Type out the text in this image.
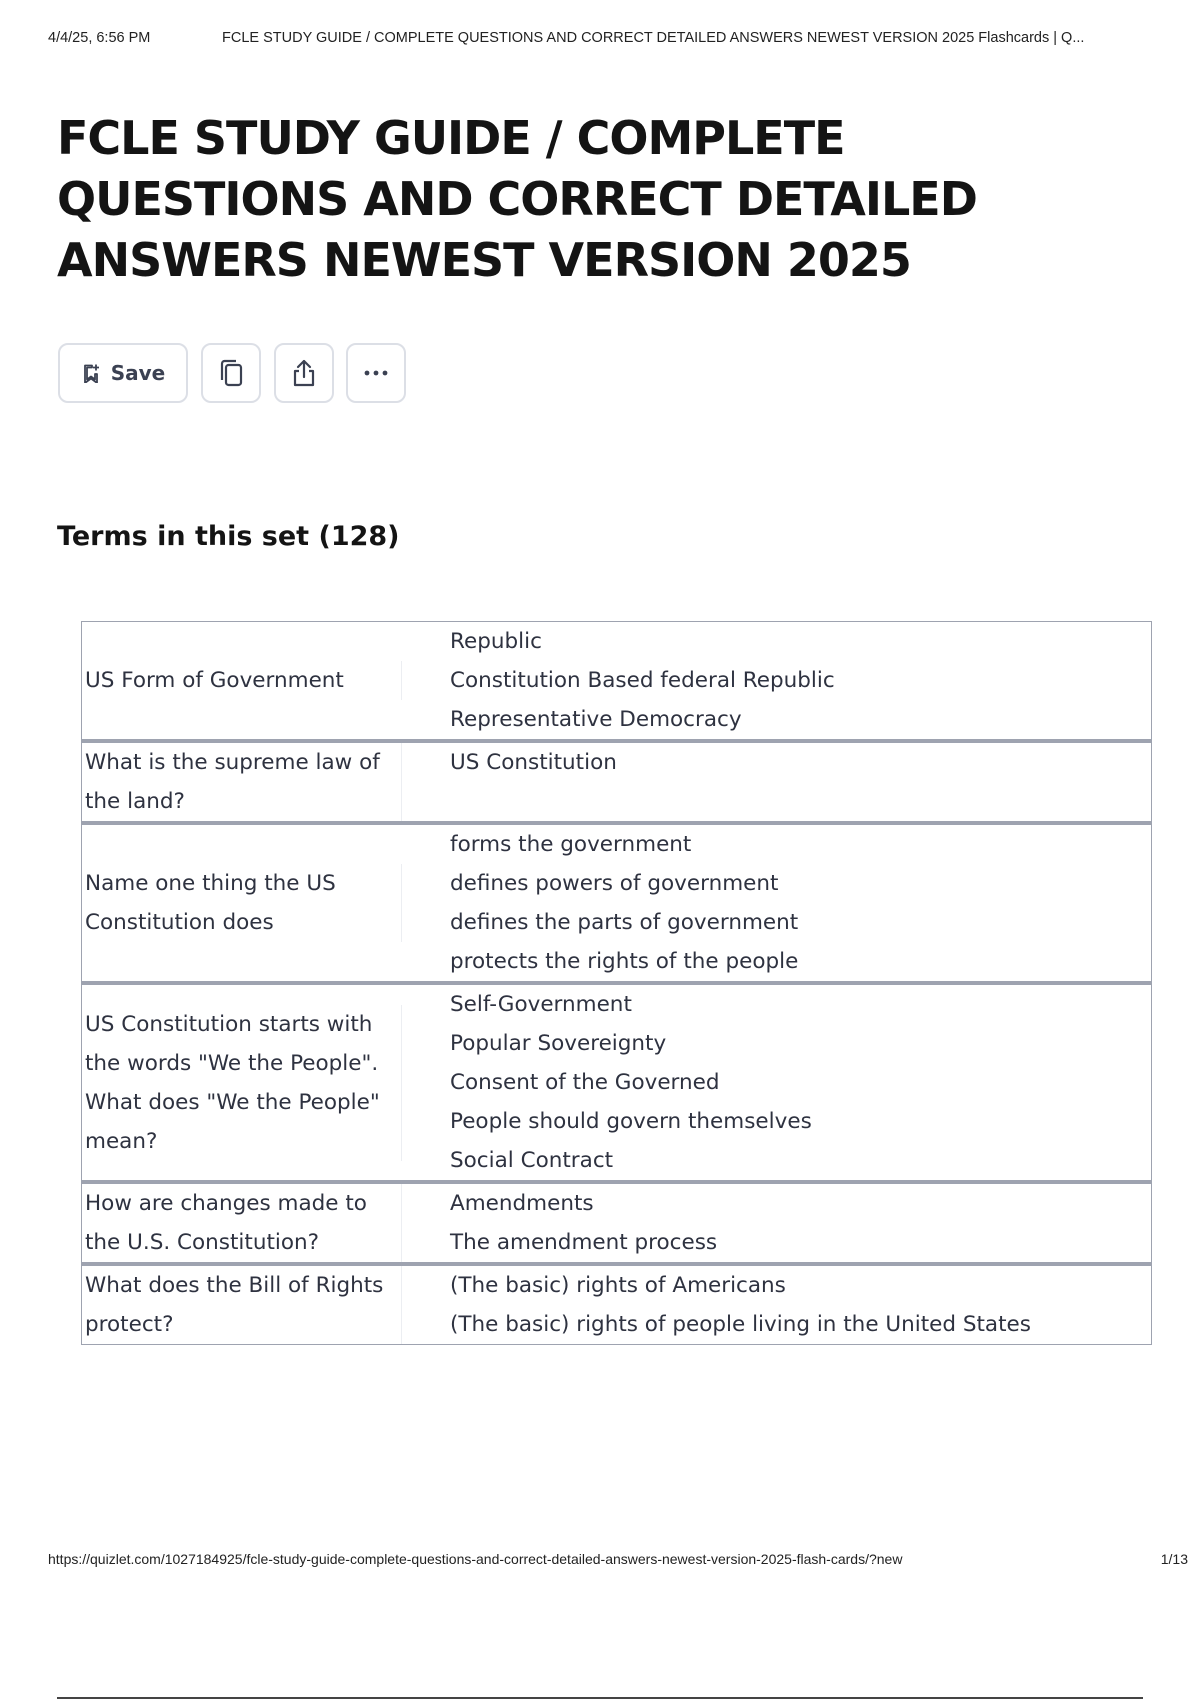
4/4/25, 6:56 PM	FCLE STUDY GUIDE / COMPLETE QUESTIONS AND CORRECT DETAILED ANSWERS NEWEST VERSION 2025 Flashcards | Q...
FCLE STUDY GUIDE / COMPLETE QUESTIONS AND CORRECT DETAILED ANSWERS NEWEST VERSION 2025
Save
Terms in this set (128)
US Form of Government
Republic
Constitution Based federal Republic
Representative Democracy
What is the supreme law of the land?
US Constitution
Name one thing the US Constitution does
forms the government
defines powers of government
defines the parts of government
protects the rights of the people
US Constitution starts with the words "We the People". What does "We the People" mean?
Self-Government
Popular Sovereignty
Consent of the Governed
People should govern themselves
Social Contract
How are changes made to the U.S. Constitution?
Amendments
The amendment process
What does the Bill of Rights protect?
(The basic) rights of Americans
(The basic) rights of people living in the United States
https://quizlet.com/1027184925/fcle-study-guide-complete-questions-and-correct-detailed-answers-newest-version-2025-flash-cards/?new	1/13
